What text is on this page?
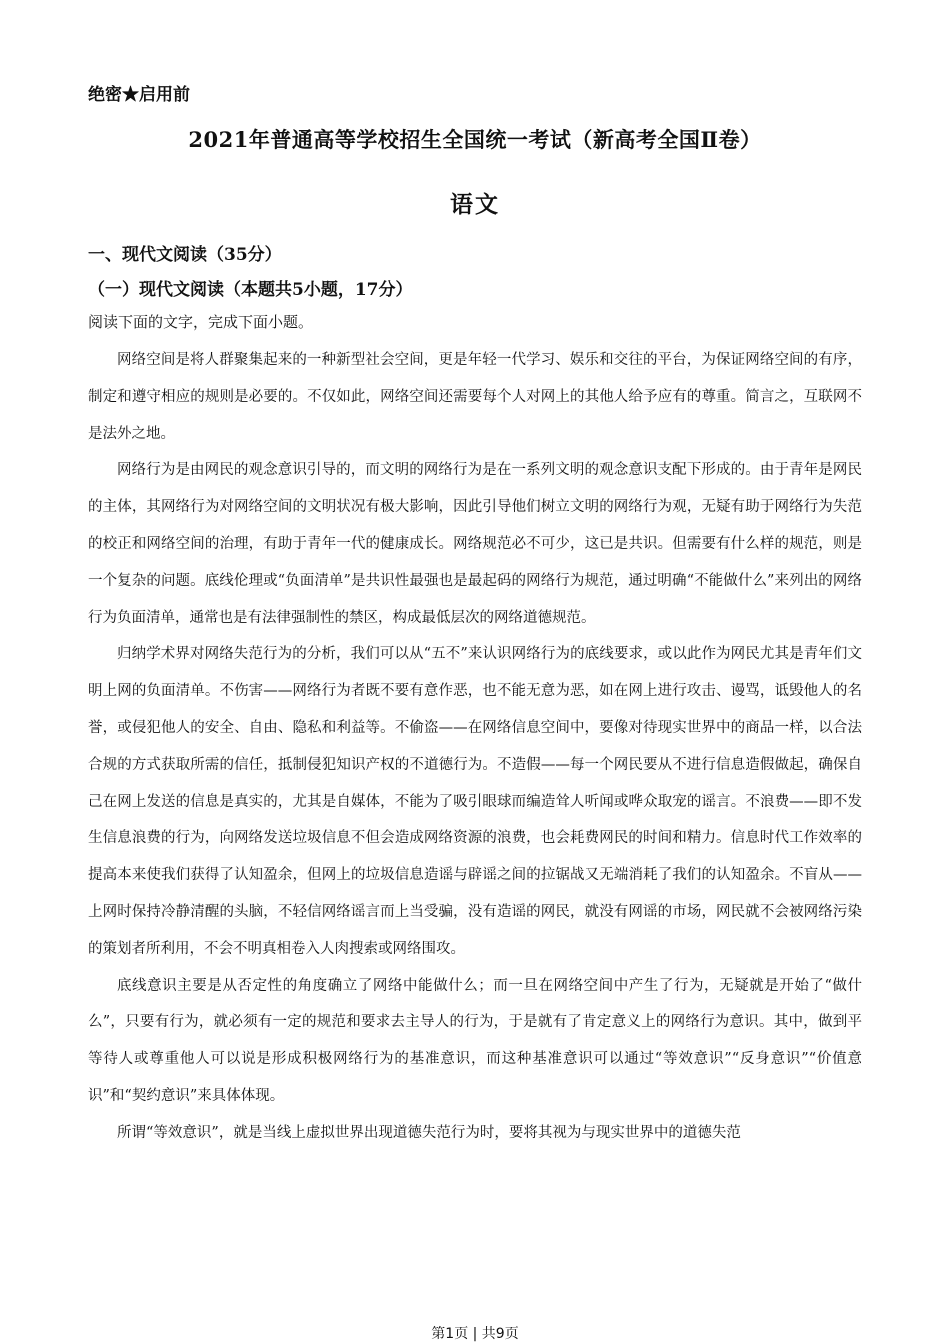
绝密★启用前
2021年普通高等学校招生全国统一考试（新高考全国Ⅱ卷）
语文
一、现代文阅读（35分）
（一）现代文阅读（本题共5小题，17分）
阅读下面的文字，完成下面小题。

网络空间是将人群聚集起来的一种新型社会空间，更是年轻一代学习、娱乐和交往的平台，为保证网络空间的有序，制定和遵守相应的规则是必要的。不仅如此，网络空间还需要每个人对网上的其他人给予应有的尊重。简言之，互联网不是法外之地。

网络行为是由网民的观念意识引导的，而文明的网络行为是在一系列文明的观念意识支配下形成的。由于青年是网民的主体，其网络行为对网络空间的文明状况有极大影响，因此引导他们树立文明的网络行为观，无疑有助于网络行为失范的校正和网络空间的治理，有助于青年一代的健康成长。网络规范必不可少，这已是共识。但需要有什么样的规范，则是一个复杂的问题。底线伦理或“负面清单”是共识性最强也是最起码的网络行为规范，通过明确“不能做什么”来列出的网络行为负面清单，通常也是有法律强制性的禁区，构成最低层次的网络道德规范。

归纳学术界对网络失范行为的分析，我们可以从“五不”来认识网络行为的底线要求，或以此作为网民尤其是青年们文明上网的负面清单。不伤害——网络行为者既不要有意作恶，也不能无意为恶，如在网上进行攻击、谩骂，诋毁他人的名誉，或侵犯他人的安全、自由、隐私和利益等。不偷盗——在网络信息空间中，要像对待现实世界中的商品一样，以合法合规的方式获取所需的信任，抵制侵犯知识产权的不道德行为。不造假——每一个网民要从不进行信息造假做起，确保自己在网上发送的信息是真实的，尤其是自媒体，不能为了吸引眼球而编造耸人听闻或哗众取宠的谣言。不浪费——即不发生信息浪费的行为，向网络发送垃圾信息不但会造成网络资源的浪费，也会耗费网民的时间和精力。信息时代工作效率的提高本来使我们获得了认知盈余，但网上的垃圾信息造谣与辟谣之间的拉锯战又无端消耗了我们的认知盈余。不盲从——上网时保持冷静清醒的头脑，不轻信网络谣言而上当受骗，没有造谣的网民，就没有网谣的市场，网民就不会被网络污染的策划者所利用，不会不明真相卷入人肉搜索或网络围攻。

底线意识主要是从否定性的角度确立了网络中能做什么；而一旦在网络空间中产生了行为，无疑就是开始了“做什么”，只要有行为，就必须有一定的规范和要求去主导人的行为，于是就有了肯定意义上的网络行为意识。其中，做到平等待人或尊重他人可以说是形成积极网络行为的基准意识，而这种基准意识可以通过“等效意识”“反身意识”“价值意识”和“契约意识”来具体体现。

所谓“等效意识”，就是当线上虚拟世界出现道德失范行为时，要将其视为与现实世界中的道德失范

第1页 | 共9页
